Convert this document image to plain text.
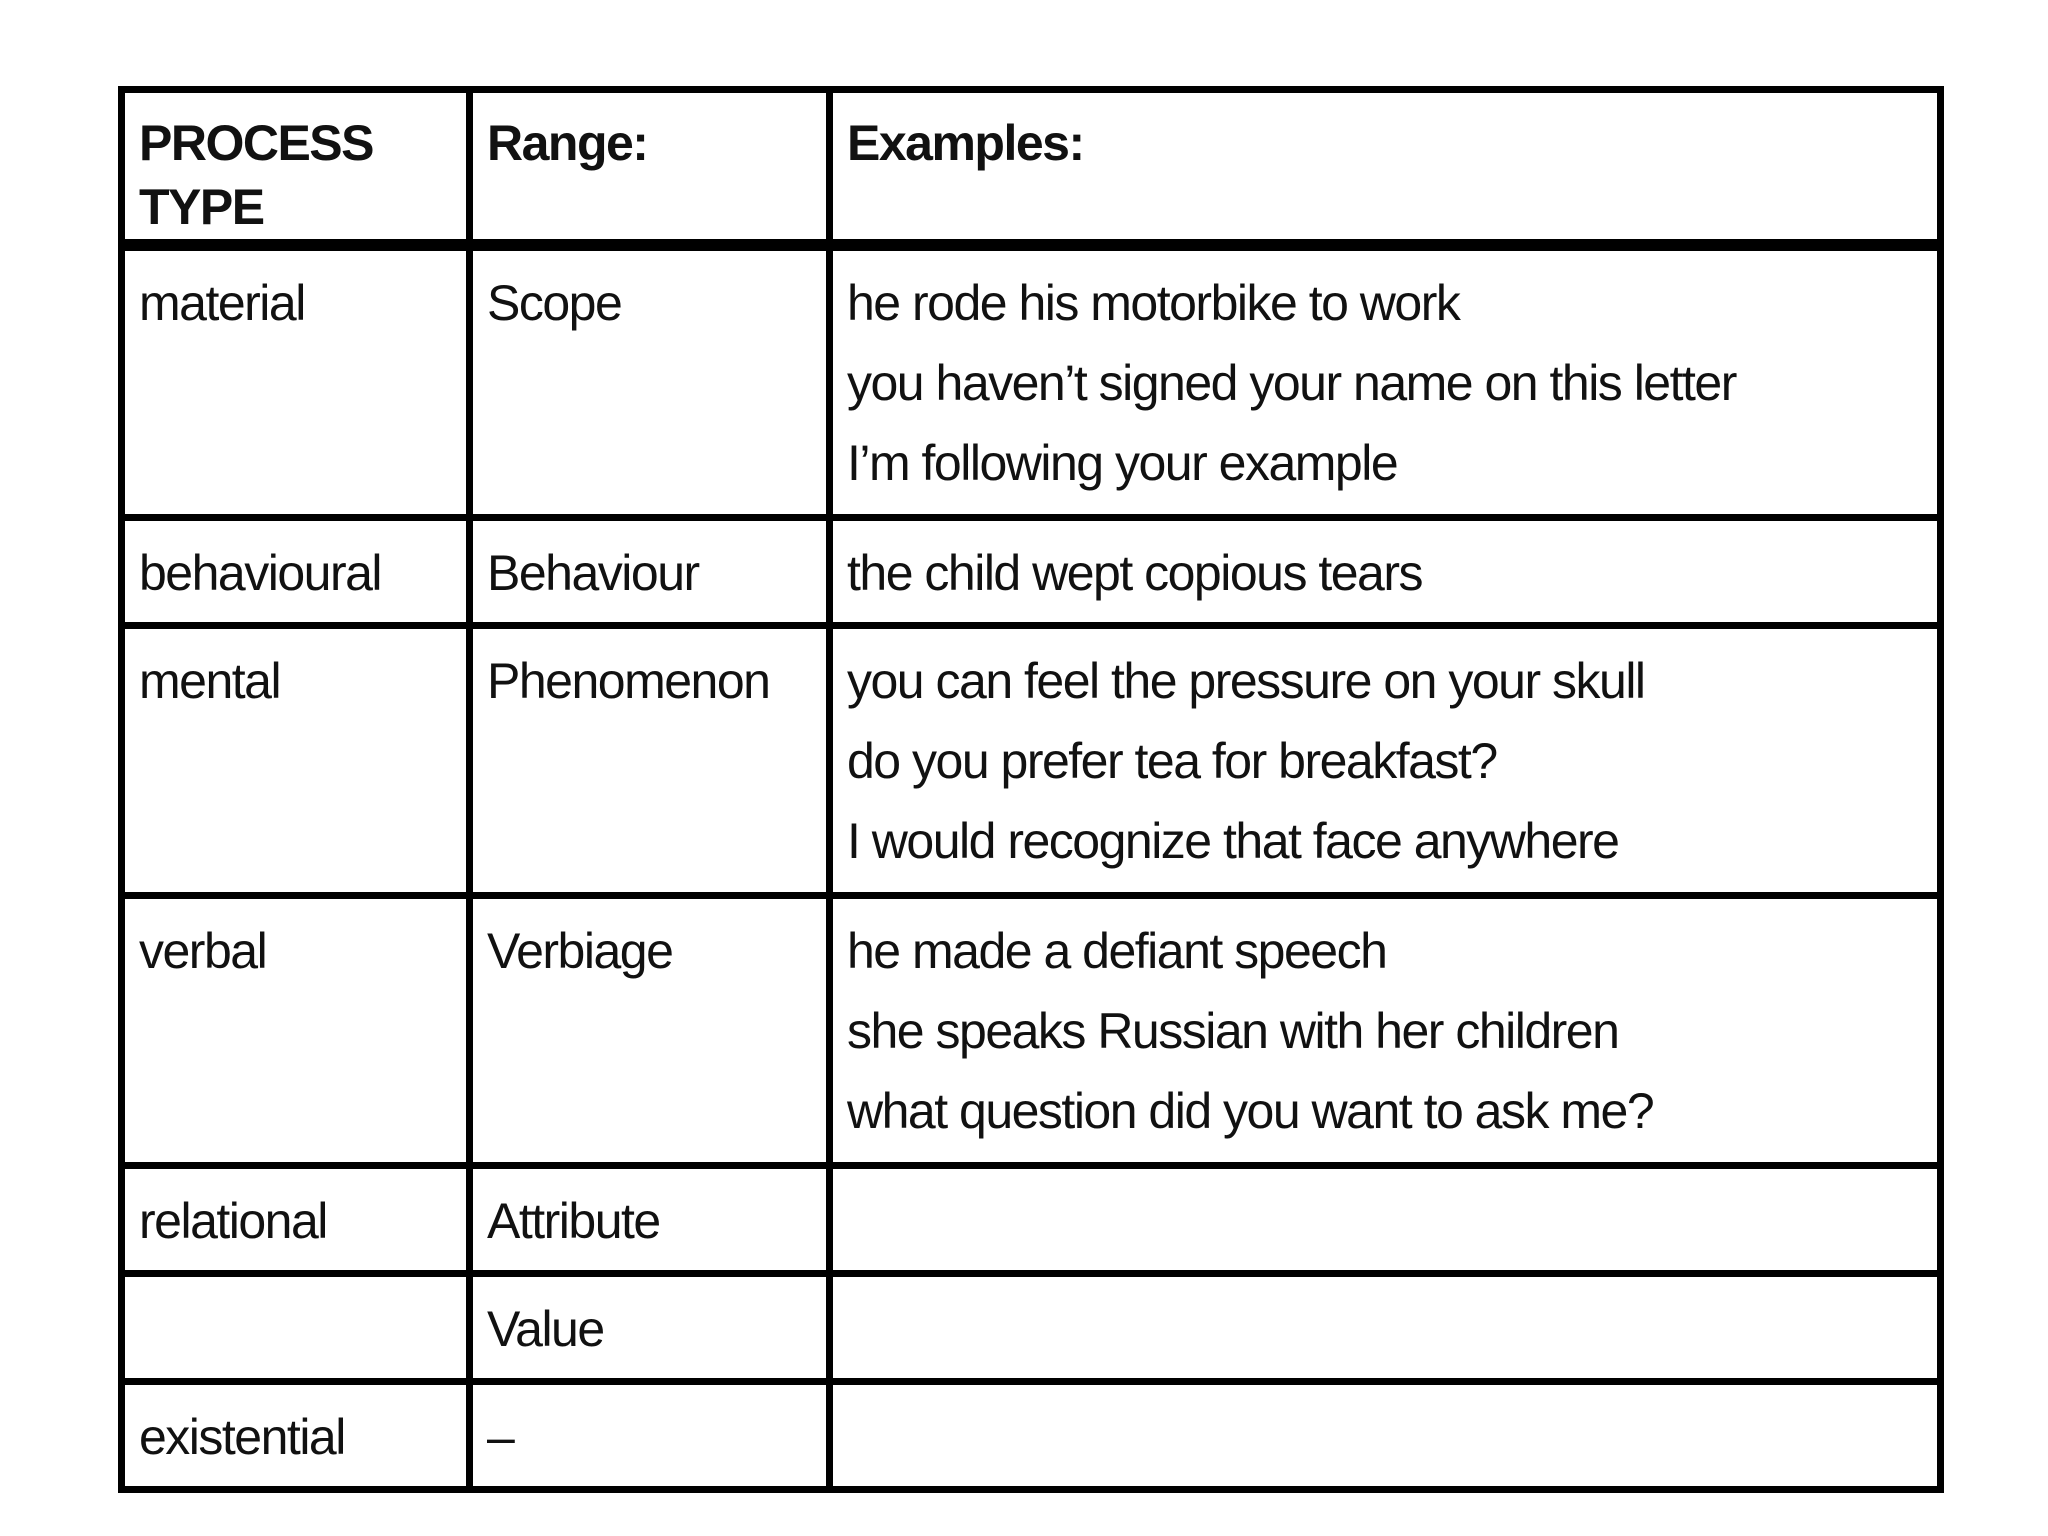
PROCESS TYPE	Range:	Examples:
material	Scope	he rode his motorbike to work
you haven’t signed your name on this letter
I’m following your example

behavioural	Behaviour	the child wept copious tears

mental	Phenomenon	you can feel the pressure on your skull
do you prefer tea for breakfast?
I would recognize that face anywhere

verbal	Verbiage	he made a defiant speech
she speaks Russian with her children
what question did you want to ask me?

relational	Attribute	
	Value	
existential	–	
